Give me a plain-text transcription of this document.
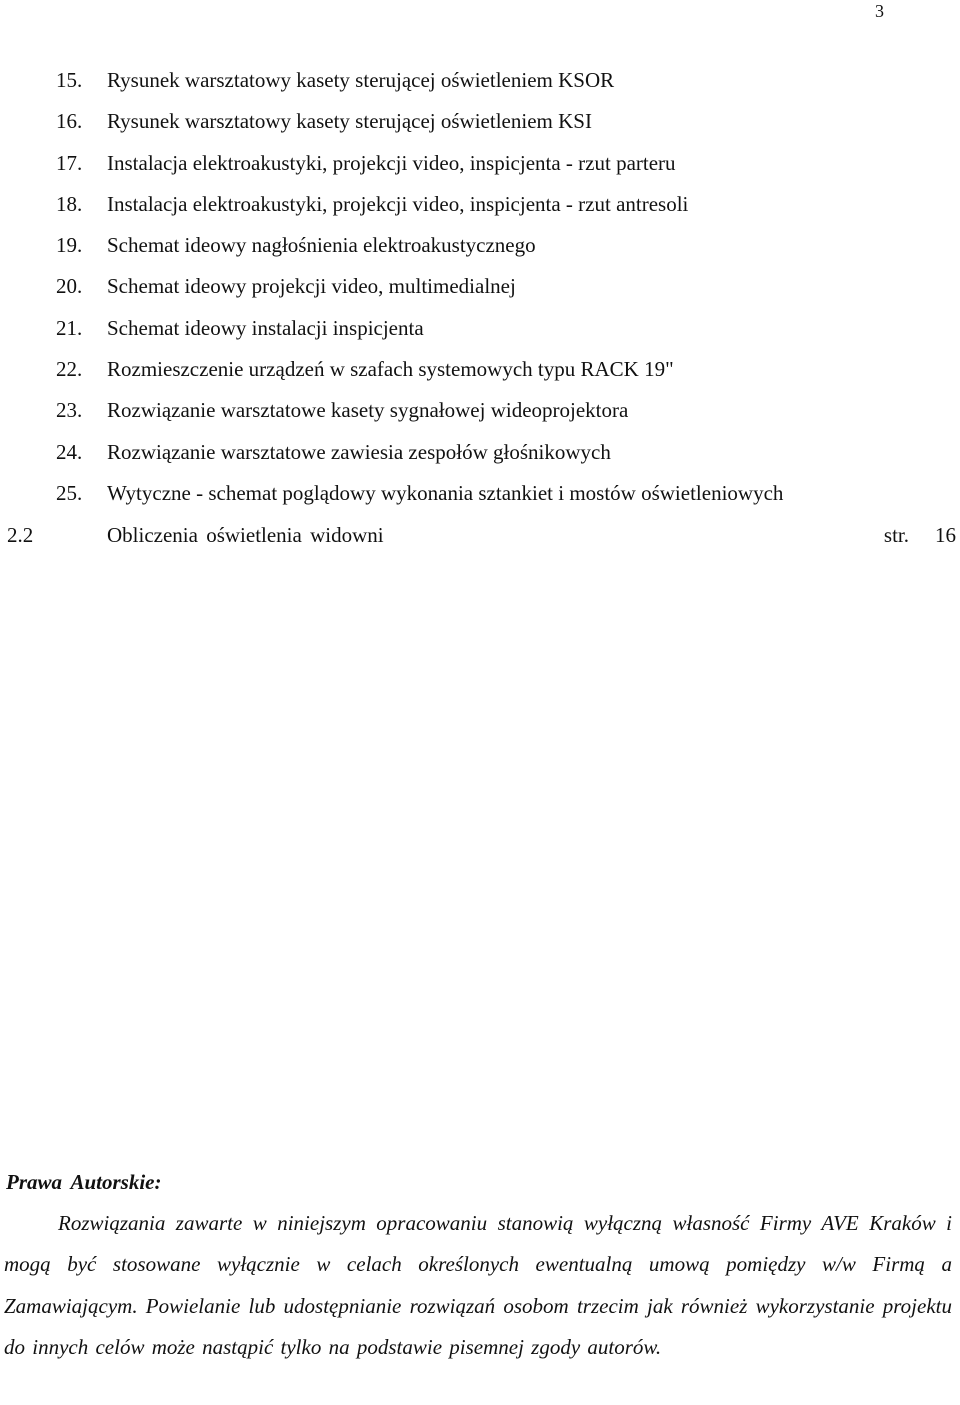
3
15. Rysunek warsztatowy kasety sterującej oświetleniem KSOR
16. Rysunek warsztatowy kasety sterującej oświetleniem KSI
17. Instalacja elektroakustyki, projekcji video, inspicjenta - rzut parteru
18. Instalacja elektroakustyki, projekcji video, inspicjenta - rzut antresoli
19. Schemat ideowy nagłośnienia elektroakustycznego
20. Schemat ideowy projekcji video, multimedialnej
21. Schemat ideowy instalacji inspicjenta
22. Rozmieszczenie urządzeń w szafach systemowych typu RACK 19"
23. Rozwiązanie warsztatowe kasety sygnałowej wideoprojektora
24. Rozwiązanie warsztatowe zawiesia zespołów głośnikowych
25. Wytyczne - schemat poglądowy wykonania sztankiet i mostów oświetleniowych
2.2	Obliczenia oświetlenia widowni	str. 16
Prawa Autorskie:

Rozwiązania zawarte w niniejszym opracowaniu stanowią wyłączną własność Firmy AVE Kraków i mogą być stosowane wyłącznie w celach określonych ewentualną umową pomiędzy w/w Firmą a Zamawiającym. Powielanie lub udostępnianie rozwiązań osobom trzecim jak również wykorzystanie projektu do innych celów może nastąpić tylko na podstawie pisemnej zgody autorów.
